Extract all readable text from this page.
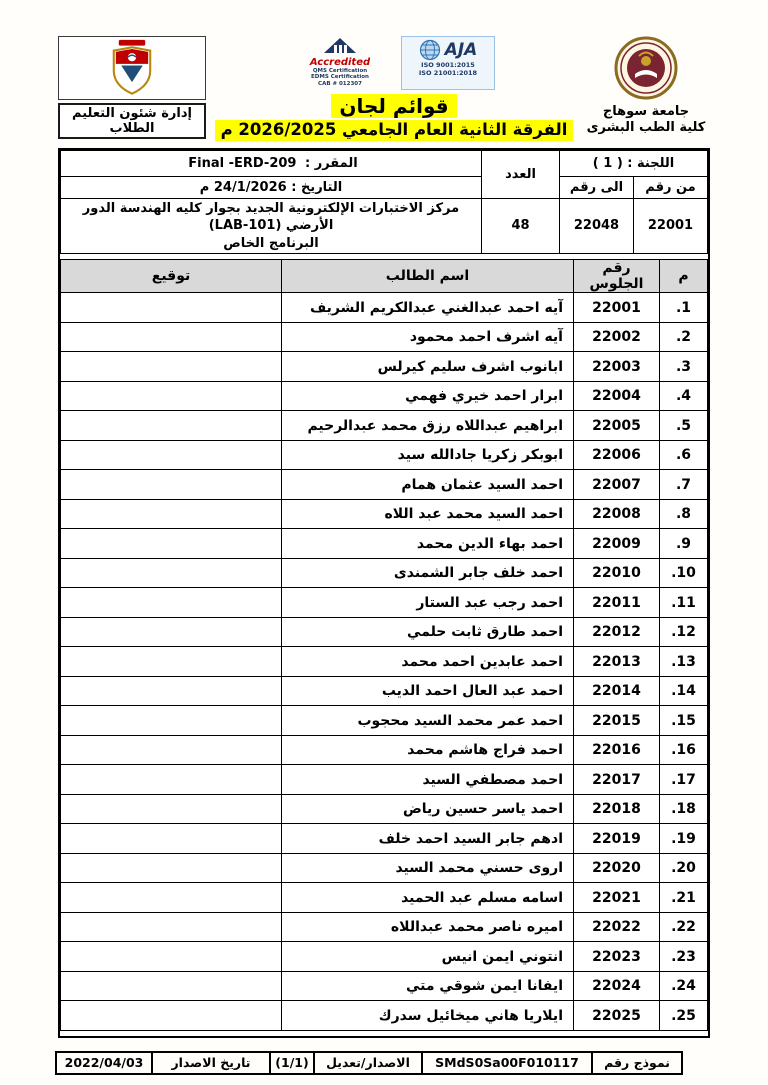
جامعة سوهاج
كلية الطب البشرى
Accredited
QMS Certification
EDMS Certification
CAB # 012307
AJA
ISO 9001:2015
ISO 21001:2018
قوائم لجان
الفرقة الثانية العام الجامعي 2026/2025 م
إدارة شئون التعليم الطلاب
اللجنة : ( 1 )		العدد	المقرر : Final -ERD-209
من رقم	الى رقم		التاريخ : 24/1/2026 م
22001	22048	48	مركز الاختبارات الإلكترونية الجديد بجوار كليه الهندسة الدور الأرضي (LAB-101)
البرنامج الخاص
م	رقم الجلوس	اسم الطالب	توقيع
1.	22001	آيه احمد عبدالغني عبدالكريم الشريف	
2.	22002	آيه اشرف احمد محمود	
3.	22003	ابانوب اشرف سليم كيرلس	
4.	22004	ابرار احمد خيري فهمي	
5.	22005	ابراهيم عبداللاه رزق محمد عبدالرحيم	
6.	22006	ابوبكر زكريا جادالله سيد	
7.	22007	احمد السيد عثمان همام	
8.	22008	احمد السيد محمد عبد اللاه	
9.	22009	احمد بهاء الدين محمد	
10.	22010	احمد خلف جابر الشمندى	
11.	22011	احمد رجب عبد الستار	
12.	22012	احمد طارق ثابت حلمي	
13.	22013	احمد عابدين احمد محمد	
14.	22014	احمد عبد العال احمد الديب	
15.	22015	احمد عمر محمد السيد محجوب	
16.	22016	احمد فراج هاشم محمد	
17.	22017	احمد مصطفي السيد	
18.	22018	احمد ياسر حسين رياض	
19.	22019	ادهم جابر السيد احمد خلف	
20.	22020	اروى حسني محمد السيد	
21.	22021	اسامه مسلم عبد الحميد	
22.	22022	اميره ناصر محمد عبداللاه	
23.	22023	انتوني ايمن انيس	
24.	22024	ايفانا ايمن شوقي متي	
25.	22025	ايلاريا هاني ميخائيل سدرك	
نموذج رقم	SMdS0Sa00F010117	الاصدار/تعديل	(1/1)	تاريخ الاصدار	2022/04/03
